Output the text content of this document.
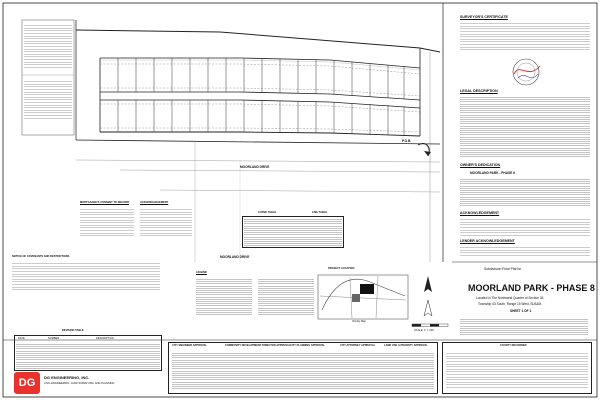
P.O.B.
MOORLAND DRIVE
MOORLAND DRIVE
CURVE TABLE	LINE TABLE
NOTICE OF COVENANTS AND RESTRICTIONS
MORTGAGEE'S CONSENT TO RECORD	ACKNOWLEDGEMENT
LEGEND
PROJECT LOCATION
Vicinity Map
SCALE: 1" = 100'
SURVEYOR'S CERTIFICATE
LEGAL DESCRIPTION
OWNER'S DEDICATION
MOORLAND PARK - PHASE 8
ACKNOWLEDGEMENT
LENDER ACKNOWLEDGEMENT
Subdivision Final Plat for
MOORLAND PARK - PHASE 8
Located in The Northwest Quarter of Section 34,
Township 43 South, Range 15 West, SLB&M
SHEET 1 OF 1
REVISION TABLE
DATE	NUMBER	DESCRIPTION
DG DG ENGINEERING, INC.
CIVIL ENGINEERING, LAND SURVEYING, AND PLANNING
CITY ENGINEER APPROVAL	COMMUNITY DEVELOPMENT DIRECTOR APPROVAL CITY PLANNING APPROVAL	CITY ATTORNEY APPROVAL	LAND USE AUTHORITY APPROVAL	COUNTY RECORDER
